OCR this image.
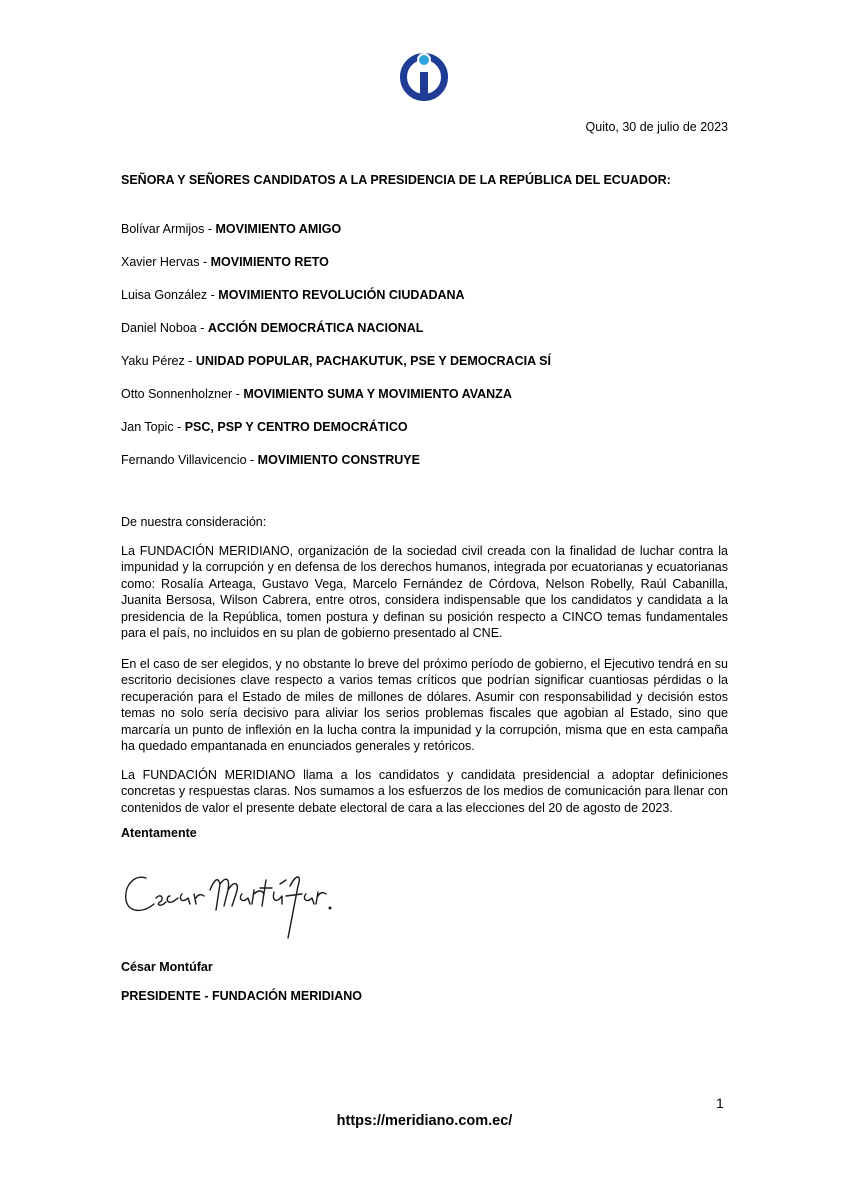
Quito, 30 de julio de 2023
SEÑORA Y SEÑORES CANDIDATOS A LA PRESIDENCIA DE LA REPÚBLICA DEL ECUADOR:
Bolívar Armijos - MOVIMIENTO AMIGO
Xavier Hervas - MOVIMIENTO RETO
Luisa González - MOVIMIENTO REVOLUCIÓN CIUDADANA
Daniel Noboa - ACCIÓN DEMOCRÁTICA NACIONAL
Yaku Pérez - UNIDAD POPULAR, PACHAKUTUK, PSE Y DEMOCRACIA SÍ
Otto Sonnenholzner - MOVIMIENTO SUMA Y MOVIMIENTO AVANZA
Jan Topic - PSC, PSP Y CENTRO DEMOCRÁTICO
Fernando Villavicencio - MOVIMIENTO CONSTRUYE

De nuestra consideración:

La FUNDACIÓN MERIDIANO, organización de la sociedad civil creada con la finalidad de luchar contra la impunidad y la corrupción y en defensa de los derechos humanos, integrada por ecuatorianas y ecuatorianas como: Rosalía Arteaga, Gustavo Vega, Marcelo Fernández de Córdova, Nelson Robelly, Raúl Cabanilla, Juanita Bersosa, Wilson Cabrera, entre otros, considera indispensable que los candidatos y candidata a la presidencia de la República, tomen postura y definan su posición respecto a CINCO temas fundamentales para el país, no incluidos en su plan de gobierno presentado al CNE.

En el caso de ser elegidos, y no obstante lo breve del próximo período de gobierno, el Ejecutivo tendrá en su escritorio decisiones clave respecto a varios temas críticos que podrían significar cuantiosas pérdidas o la recuperación para el Estado de miles de millones de dólares. Asumir con responsabilidad y decisión estos temas no solo sería decisivo para aliviar los serios problemas fiscales que agobian al Estado, sino que marcaría un punto de inflexión en la lucha contra la impunidad y la corrupción, misma que en esta campaña ha quedado empantanada en enunciados generales y retóricos.

La FUNDACIÓN MERIDIANO llama a los candidatos y candidata presidencial a adoptar definiciones concretas y respuestas claras. Nos sumamos a los esfuerzos de los medios de comunicación para llenar con contenidos de valor el presente debate electoral de cara a las elecciones del 20 de agosto de 2023.

Atentamente
César Montúfar
PRESIDENTE - FUNDACIÓN MERIDIANO
1
https://meridiano.com.ec/
